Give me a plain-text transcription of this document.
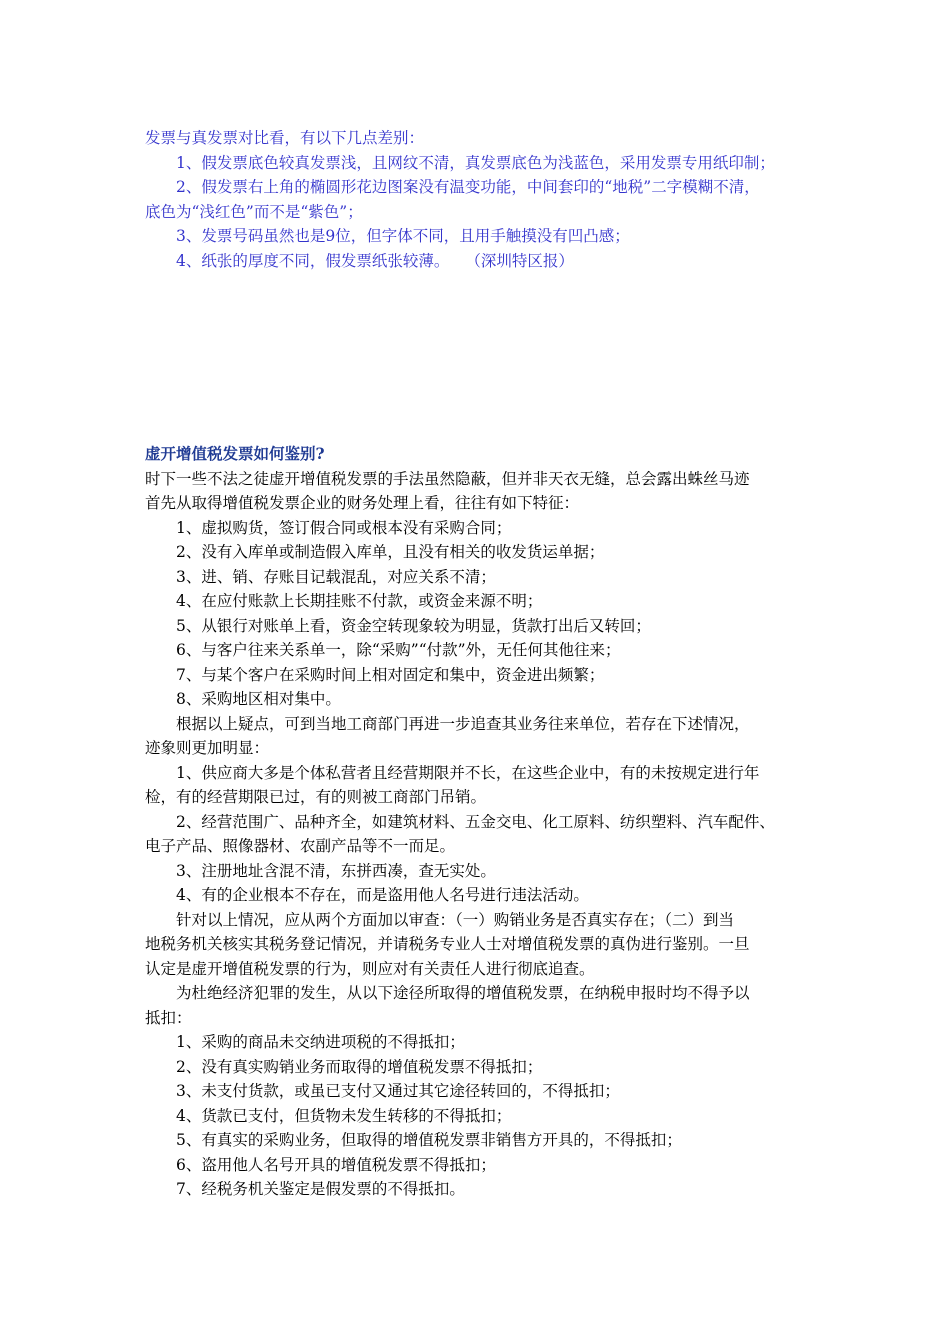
发票与真发票对比看，有以下几点差别：

1、假发票底色较真发票浅，且网纹不清，真发票底色为浅蓝色，采用发票专用纸印制；

2、假发票右上角的椭圆形花边图案没有温变功能，中间套印的“地税”二字模糊不清，

底色为“浅红色”而不是“紫色”；

3、发票号码虽然也是9位，但字体不同，且用手触摸没有凹凸感；

4、纸张的厚度不同，假发票纸张较薄。 （深圳特区报）

虚开增值税发票如何鉴别?

时下一些不法之徒虚开增值税发票的手法虽然隐蔽，但并非天衣无缝，总会露出蛛丝马迹

首先从取得增值税发票企业的财务处理上看，往往有如下特征：

1、虚拟购货，签订假合同或根本没有采购合同；

2、没有入库单或制造假入库单，且没有相关的收发货运单据；

3、进、销、存账目记载混乱，对应关系不清；

4、在应付账款上长期挂账不付款，或资金来源不明；

5、从银行对账单上看，资金空转现象较为明显，货款打出后又转回；

6、与客户往来关系单一，除“采购”“付款”外，无任何其他往来；

7、与某个客户在采购时间上相对固定和集中，资金进出频繁；

8、采购地区相对集中。

根据以上疑点，可到当地工商部门再进一步追查其业务往来单位，若存在下述情况，

迹象则更加明显：

1、供应商大多是个体私营者且经营期限并不长，在这些企业中，有的未按规定进行年

检，有的经营期限已过，有的则被工商部门吊销。

2、经营范围广、品种齐全，如建筑材料、五金交电、化工原料、纺织塑料、汽车配件、

电子产品、照像器材、农副产品等不一而足。

3、注册地址含混不清，东拼西凑，查无实处。

4、有的企业根本不存在，而是盗用他人名号进行违法活动。

针对以上情况，应从两个方面加以审查：（一）购销业务是否真实存在；（二）到当

地税务机关核实其税务登记情况，并请税务专业人士对增值税发票的真伪进行鉴别。一旦

认定是虚开增值税发票的行为，则应对有关责任人进行彻底追查。

为杜绝经济犯罪的发生，从以下途径所取得的增值税发票，在纳税申报时均不得予以

抵扣：

1、采购的商品未交纳进项税的不得抵扣；

2、没有真实购销业务而取得的增值税发票不得抵扣；

3、未支付货款，或虽已支付又通过其它途径转回的，不得抵扣；

4、货款已支付，但货物未发生转移的不得抵扣；

5、有真实的采购业务，但取得的增值税发票非销售方开具的，不得抵扣；

6、盗用他人名号开具的增值税发票不得抵扣；

7、经税务机关鉴定是假发票的不得抵扣。
